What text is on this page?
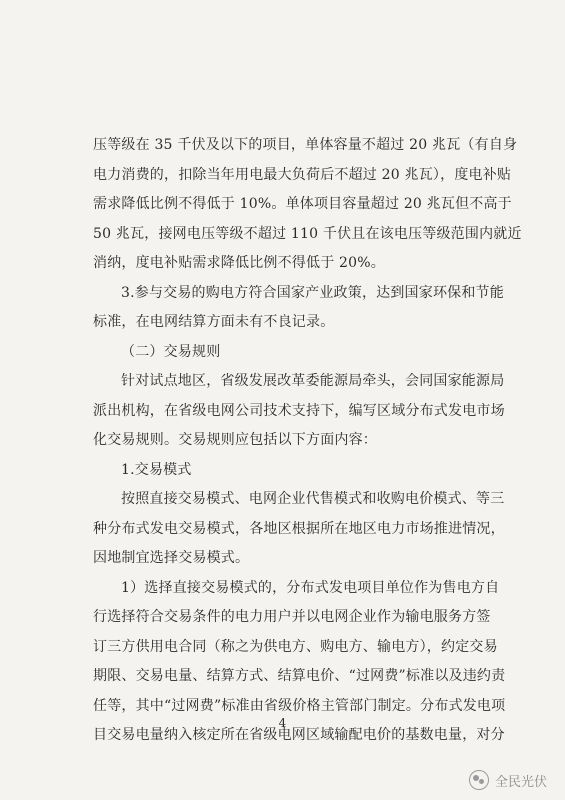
压等级在 35 千伏及以下的项目，单体容量不超过 20 兆瓦（有自身
电力消费的，扣除当年用电最大负荷后不超过 20 兆瓦），度电补贴
需求降低比例不得低于 10%。单体项目容量超过 20 兆瓦但不高于
50 兆瓦，接网电压等级不超过 110 千伏且在该电压等级范围内就近
消纳，度电补贴需求降低比例不得低于 20%。
3.参与交易的购电方符合国家产业政策，达到国家环保和节能
标准，在电网结算方面未有不良记录。
（二）交易规则
针对试点地区，省级发展改革委能源局牵头，会同国家能源局
派出机构，在省级电网公司技术支持下，编写区域分布式发电市场
化交易规则。交易规则应包括以下方面内容：
1.交易模式
按照直接交易模式、电网企业代售模式和收购电价模式、等三
种分布式发电交易模式，各地区根据所在地区电力市场推进情况，
因地制宜选择交易模式。
1）选择直接交易模式的，分布式发电项目单位作为售电方自
行选择符合交易条件的电力用户并以电网企业作为输电服务方签
订三方供用电合同（称之为供电方、购电方、输电方），约定交易
期限、交易电量、结算方式、结算电价、“过网费”标准以及违约责
任等，其中“过网费”标准由省级价格主管部门制定。分布式发电项
目交易电量纳入核定所在省级电网区域输配电价的基数电量，对分
4
全民光伏
